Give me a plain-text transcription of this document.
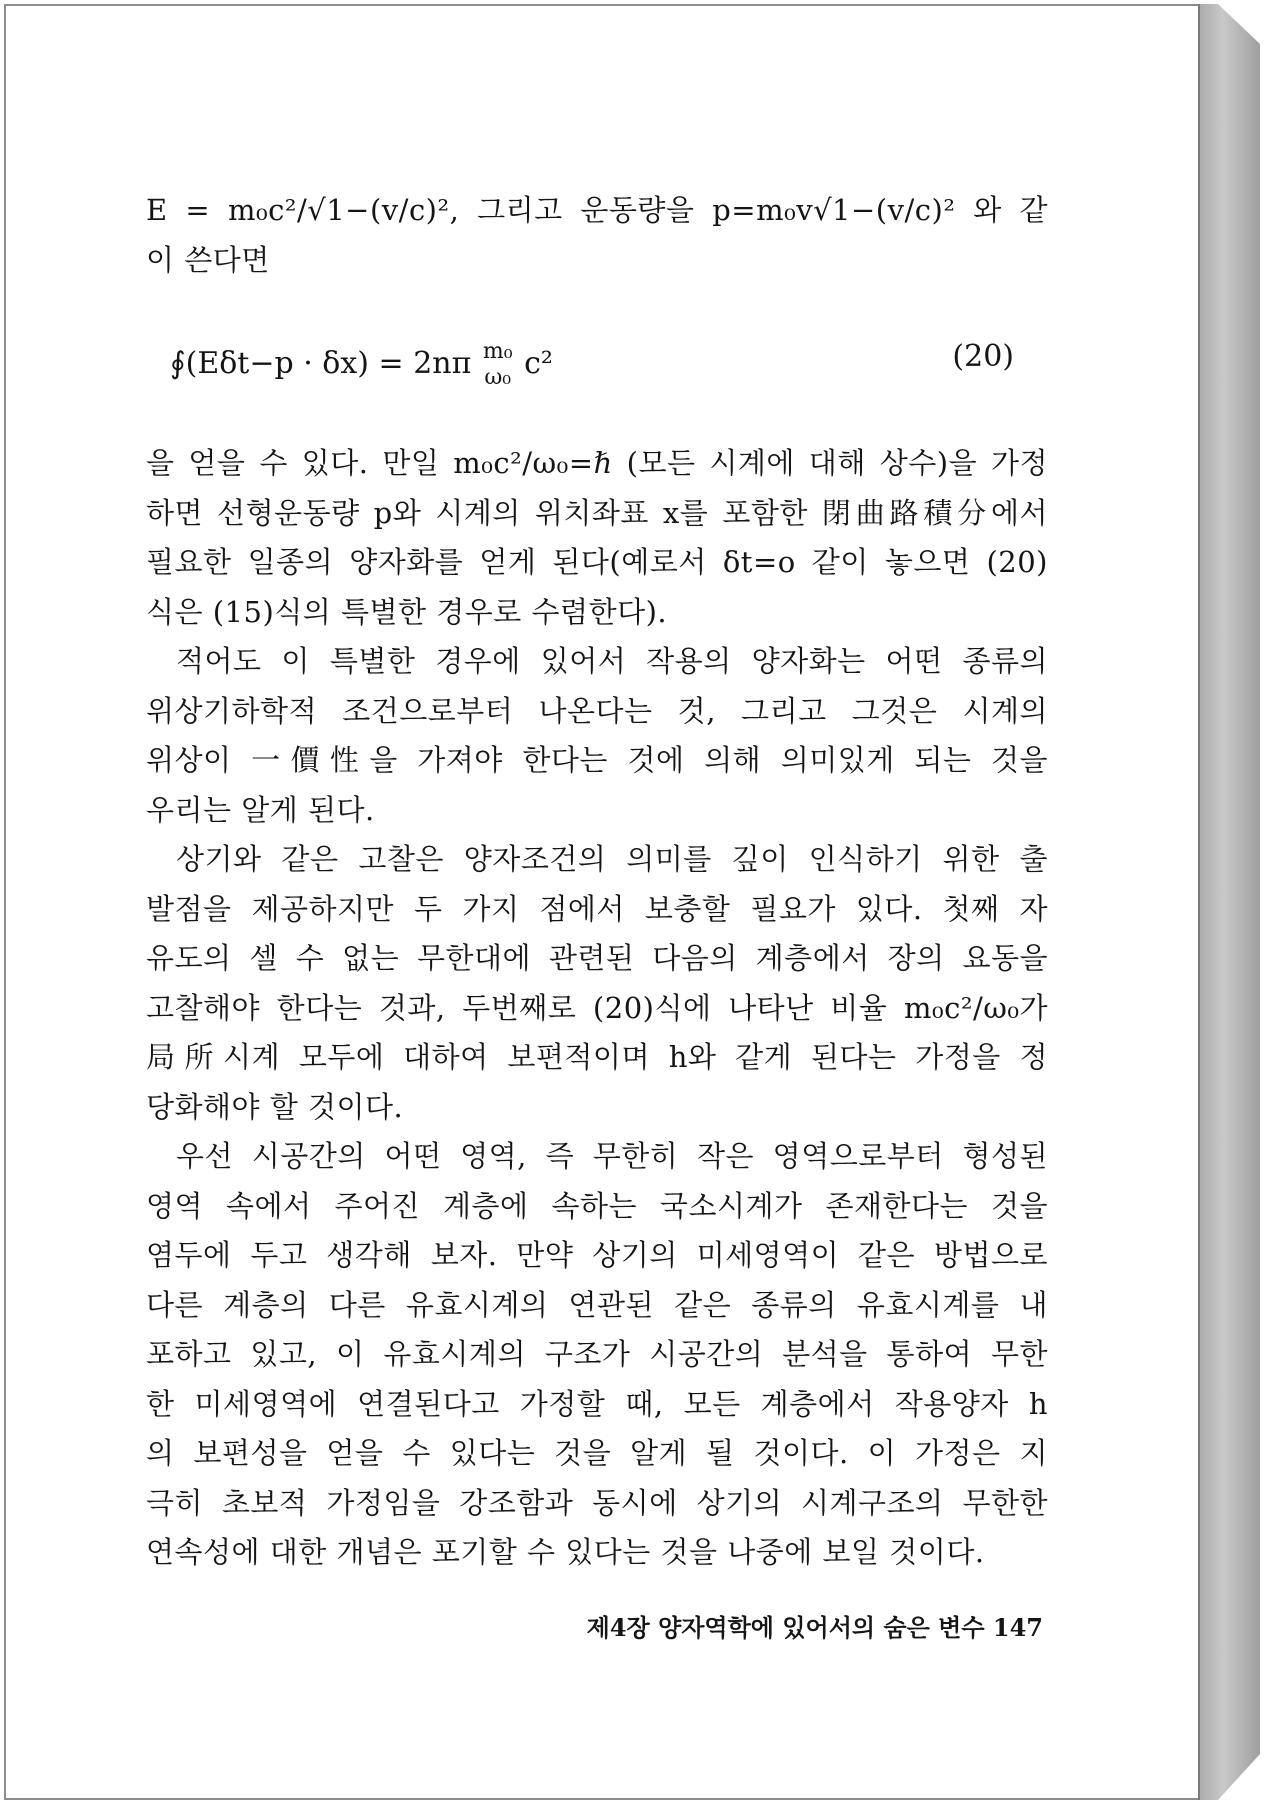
E = m₀c²/√1−(v/c)², 그리고 운동량을 p=m₀v√1−(v/c)² 와 같
이 쓴다면
∮(Eδt−p · δx) = 2nπ m₀
ω₀ c²	(20)
을 얻을 수 있다. 만일 m₀c²/ω₀=ℏ (모든 시계에 대해 상수)을 가정
하면 선형운동량 p와 시계의 위치좌표 x를 포함한 閉曲路積分에서
필요한 일종의 양자화를 얻게 된다(예로서 δt=o 같이 놓으면 (20)
식은 (15)식의 특별한 경우로 수렴한다).
적어도 이 특별한 경우에 있어서 작용의 양자화는 어떤 종류의
위상기하학적 조건으로부터 나온다는 것, 그리고 그것은 시계의
위상이 一價性을 가져야 한다는 것에 의해 의미있게 되는 것을
우리는 알게 된다.
상기와 같은 고찰은 양자조건의 의미를 깊이 인식하기 위한 출
발점을 제공하지만 두 가지 점에서 보충할 필요가 있다. 첫째 자
유도의 셀 수 없는 무한대에 관련된 다음의 계층에서 장의 요동을
고찰해야 한다는 것과, 두번째로 (20)식에 나타난 비율 m₀c²/ω₀가
局所시계 모두에 대하여 보편적이며 h와 같게 된다는 가정을 정
당화해야 할 것이다.
우선 시공간의 어떤 영역, 즉 무한히 작은 영역으로부터 형성된
영역 속에서 주어진 계층에 속하는 국소시계가 존재한다는 것을
염두에 두고 생각해 보자. 만약 상기의 미세영역이 같은 방법으로
다른 계층의 다른 유효시계의 연관된 같은 종류의 유효시계를 내
포하고 있고, 이 유효시계의 구조가 시공간의 분석을 통하여 무한
한 미세영역에 연결된다고 가정할 때, 모든 계층에서 작용양자 h
의 보편성을 얻을 수 있다는 것을 알게 될 것이다. 이 가정은 지
극히 초보적 가정임을 강조함과 동시에 상기의 시계구조의 무한한
연속성에 대한 개념은 포기할 수 있다는 것을 나중에 보일 것이다.
제4장 양자역학에 있어서의 숨은 변수 147
